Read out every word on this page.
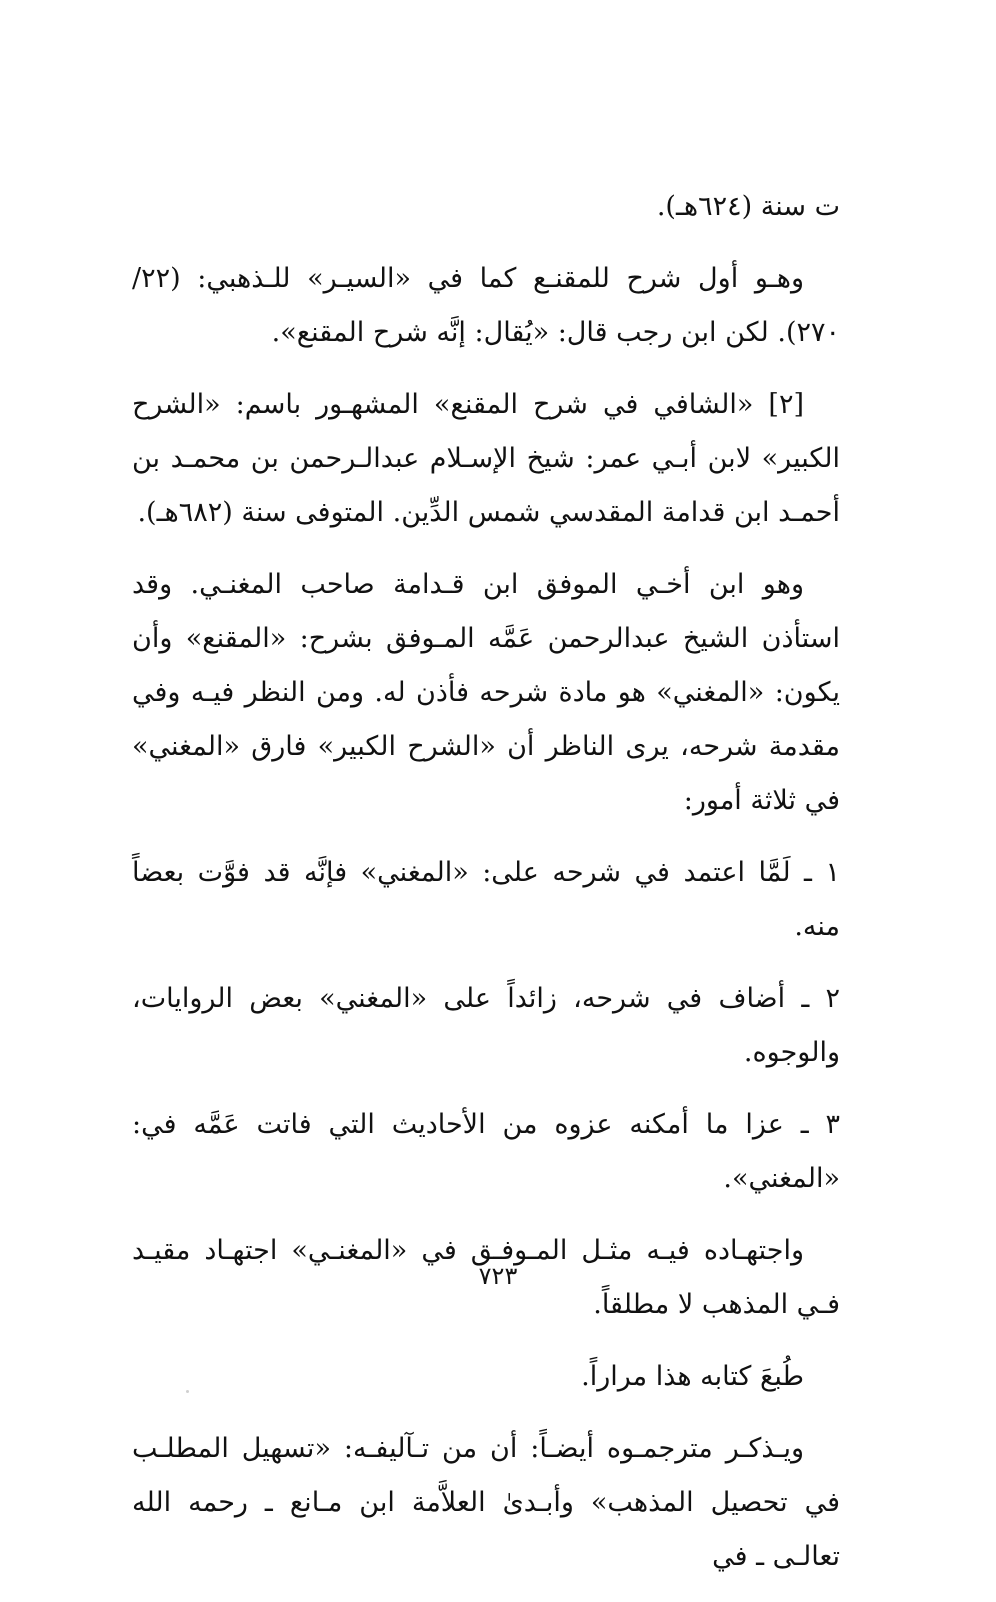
ت سنة (٦٢٤هـ).

وهـو أول شرح للمقنـع كما في «السيـر» للـذهبي: (٢٢/ ٢٧٠). لكن ابن رجب قال: «يُقال: إنَّه شرح المقنع».

[٢] «الشافي في شرح المقنع» المشهـور باسم: «الشرح الكبير» لابن أبـي عمر: شيخ الإسـلام عبدالـرحمن بن محمـد بن أحمـد ابن قدامة المقدسي شمس الدِّين. المتوفى سنة (٦٨٢هـ).

وهو ابن أخـي الموفق ابن قـدامة صاحب المغنـي. وقد استأذن الشيخ عبدالرحمن عَمَّه المـوفق بشرح: «المقنع» وأن يكون: «المغني» هو مادة شرحه فأذن له. ومن النظر فيـه وفي مقدمة شرحه، يرى الناظر أن «الشرح الكبير» فارق «المغني» في ثلاثة أمور:

١ ـ لَمَّا اعتمد في شرحه على: «المغني» فإنَّه قد فوَّت بعضاً منه.

٢ ـ أضاف في شرحه، زائداً على «المغني» بعض الروايات، والوجوه.

٣ ـ عزا ما أمكنه عزوه من الأحاديث التي فاتت عَمَّه في: «المغني».

واجتهـاده فيـه مثـل المـوفـق في «المغنـي» اجتهـاد مقيـد فـي المذهب لا مطلقاً.

طُبعَ كتابه هذا مراراً.

ويـذكـر مترجمـوه أيضـاً: أن من تـآليفـه: «تسهيل المطلـب في تحصيل المذهب» وأبـدىٰ العلاَّمة ابن مـانع ـ رحمه الله تعالـى ـ في

٧٢٣
